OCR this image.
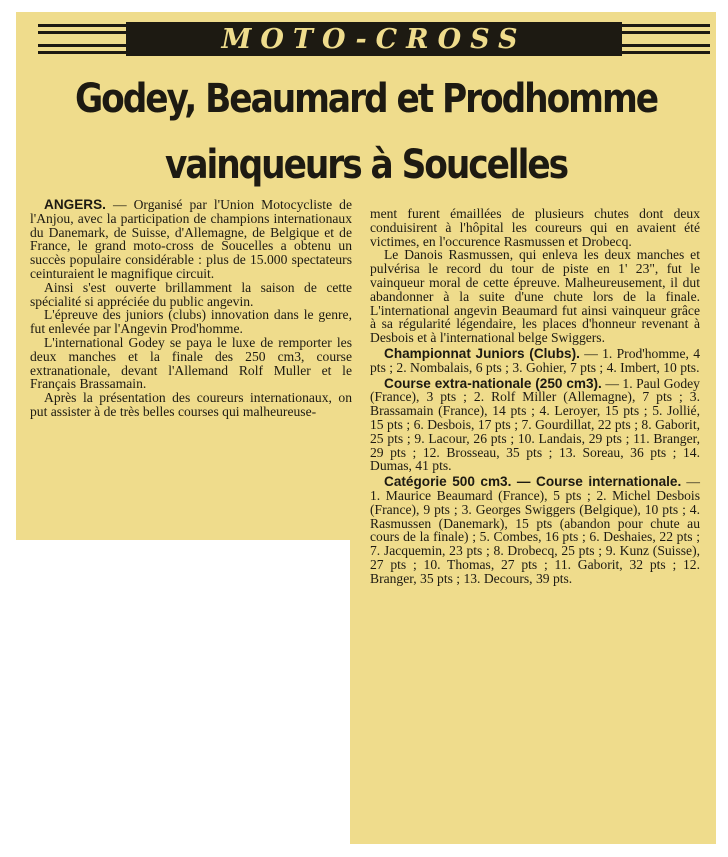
MOTO-CROSS
Godey, Beaumard et Prodhomme
vainqueurs à Soucelles

ANGERS. — Organisé par l'Union Motocycliste de l'Anjou, avec la participation de champions internationaux du Danemark, de Suisse, d'Allemagne, de Belgique et de France, le grand moto-cross de Soucelles a obtenu un succès populaire considérable : plus de 15.000 spectateurs ceinturaient le magnifique circuit.

Ainsi s'est ouverte brillamment la saison de cette spécialité si appréciée du public angevin.

L'épreuve des juniors (clubs) innovation dans le genre, fut enlevée par l'Angevin Prod'homme.

L'international Godey se paya le luxe de remporter les deux manches et la finale des 250 cm3, course extranationale, devant l'Allemand Rolf Muller et le Français Brassamain.

Après la présentation des coureurs internationaux, on put assister à de très belles courses qui malheureuse-

ment furent émaillées de plusieurs chutes dont deux conduisirent à l'hôpital les coureurs qui en avaient été victimes, en l'occurence Rasmussen et Drobecq.

Le Danois Rasmussen, qui enleva les deux manches et pulvérisa le record du tour de piste en 1' 23", fut le vainqueur moral de cette épreuve. Malheureusement, il dut abandonner à la suite d'une chute lors de la finale. L'international angevin Beaumard fut ainsi vainqueur grâce à sa régularité légendaire, les places d'honneur revenant à Desbois et à l'international belge Swiggers.

Championnat Juniors (Clubs). — 1. Prod'homme, 4 pts ; 2. Nombalais, 6 pts ; 3. Gohier, 7 pts ; 4. Imbert, 10 pts.

Course extra-nationale (250 cm3). — 1. Paul Godey (France), 3 pts ; 2. Rolf Miller (Allemagne), 7 pts ; 3. Brassamain (France), 14 pts ; 4. Leroyer, 15 pts ; 5. Jollié, 15 pts ; 6. Desbois, 17 pts ; 7. Gourdillat, 22 pts ; 8. Gaborit, 25 pts ; 9. Lacour, 26 pts ; 10. Landais, 29 pts ; 11. Branger, 29 pts ; 12. Brosseau, 35 pts ; 13. Soreau, 36 pts ; 14. Dumas, 41 pts.

Catégorie 500 cm3. — Course internationale. — 1. Maurice Beaumard (France), 5 pts ; 2. Michel Desbois (France), 9 pts ; 3. Georges Swiggers (Belgique), 10 pts ; 4. Rasmussen (Danemark), 15 pts (abandon pour chute au cours de la finale) ; 5. Combes, 16 pts ; 6. Deshaies, 22 pts ; 7. Jacquemin, 23 pts ; 8. Drobecq, 25 pts ; 9. Kunz (Suisse), 27 pts ; 10. Thomas, 27 pts ; 11. Gaborit, 32 pts ; 12. Branger, 35 pts ; 13. Decours, 39 pts.
